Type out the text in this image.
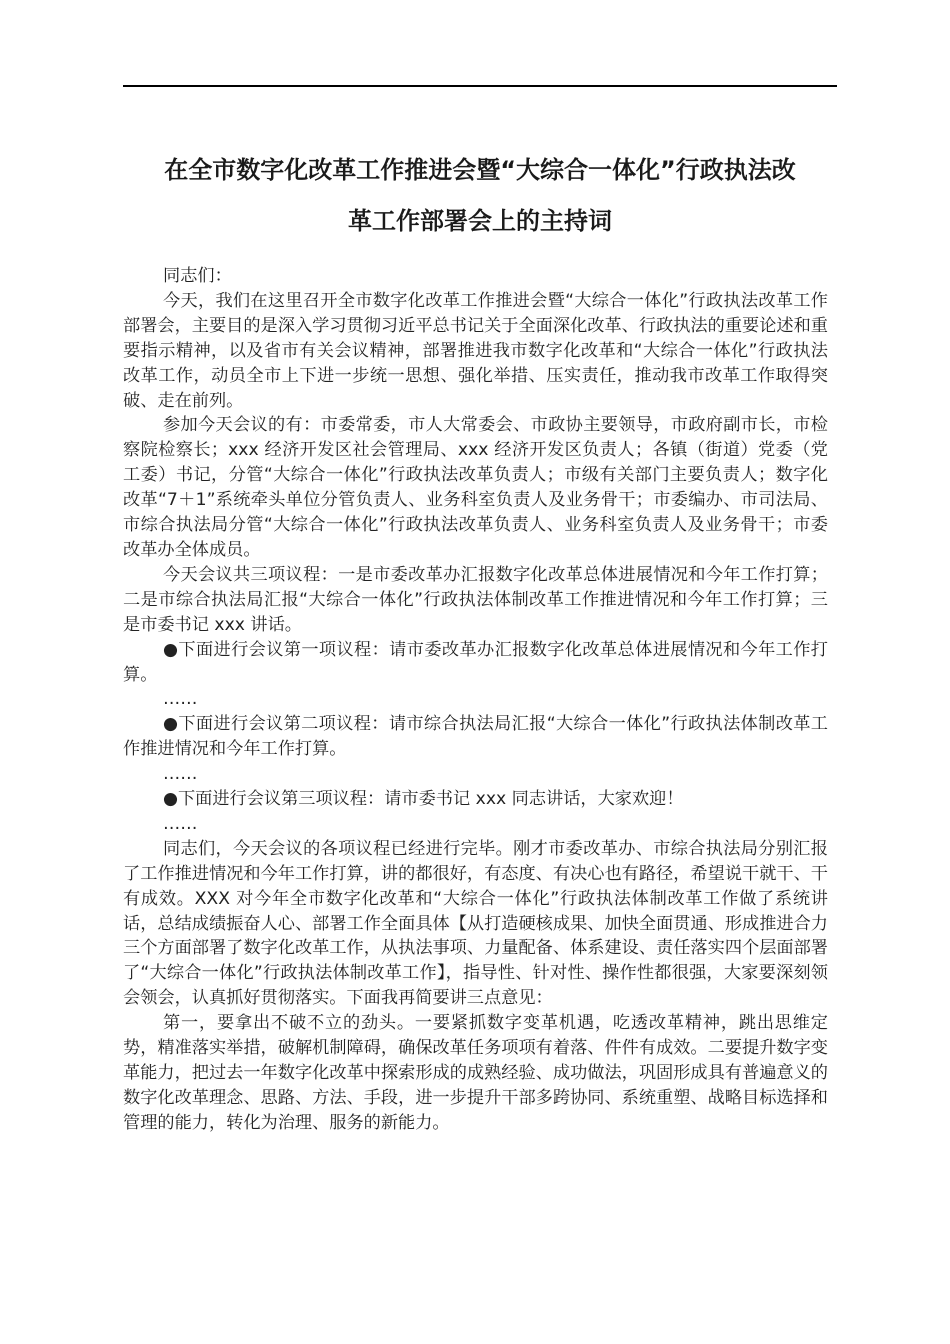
在全市数字化改革工作推进会暨“大综合一体化”行政执法改
革工作部署会上的主持词

同志们：

今天，我们在这里召开全市数字化改革工作推进会暨“大综合一体化”行政执法改革工作部署会，主要目的是深入学习贯彻习近平总书记关于全面深化改革、行政执法的重要论述和重要指示精神，以及省市有关会议精神，部署推进我市数字化改革和“大综合一体化”行政执法改革工作，动员全市上下进一步统一思想、强化举措、压实责任，推动我市改革工作取得突破、走在前列。

参加今天会议的有：市委常委，市人大常委会、市政协主要领导，市政府副市长，市检察院检察长；xxx 经济开发区社会管理局、xxx 经济开发区负责人；各镇（街道）党委（党工委）书记，分管“大综合一体化”行政执法改革负责人；市级有关部门主要负责人；数字化改革“7＋1”系统牵头单位分管负责人、业务科室负责人及业务骨干；市委编办、市司法局、市综合执法局分管“大综合一体化”行政执法改革负责人、业务科室负责人及业务骨干；市委改革办全体成员。

今天会议共三项议程：一是市委改革办汇报数字化改革总体进展情况和今年工作打算；二是市综合执法局汇报“大综合一体化”行政执法体制改革工作推进情况和今年工作打算；三是市委书记 xxx 讲话。

●下面进行会议第一项议程：请市委改革办汇报数字化改革总体进展情况和今年工作打算。

……

●下面进行会议第二项议程：请市综合执法局汇报“大综合一体化”行政执法体制改革工作推进情况和今年工作打算。

……

●下面进行会议第三项议程：请市委书记 xxx 同志讲话，大家欢迎！

……

同志们，今天会议的各项议程已经进行完毕。刚才市委改革办、市综合执法局分别汇报了工作推进情况和今年工作打算，讲的都很好，有态度、有决心也有路径，希望说干就干、干有成效。XXX 对今年全市数字化改革和“大综合一体化”行政执法体制改革工作做了系统讲话，总结成绩振奋人心、部署工作全面具体【从打造硬核成果、加快全面贯通、形成推进合力三个方面部署了数字化改革工作，从执法事项、力量配备、体系建设、责任落实四个层面部署了“大综合一体化”行政执法体制改革工作】，指导性、针对性、操作性都很强，大家要深刻领会领会，认真抓好贯彻落实。下面我再简要讲三点意见：

第一，要拿出不破不立的劲头。一要紧抓数字变革机遇，吃透改革精神，跳出思维定势，精准落实举措，破解机制障碍，确保改革任务项项有着落、件件有成效。二要提升数字变革能力，把过去一年数字化改革中探索形成的成熟经验、成功做法，巩固形成具有普遍意义的数字化改革理念、思路、方法、手段，进一步提升干部多跨协同、系统重塑、战略目标选择和管理的能力，转化为治理、服务的新能力。
